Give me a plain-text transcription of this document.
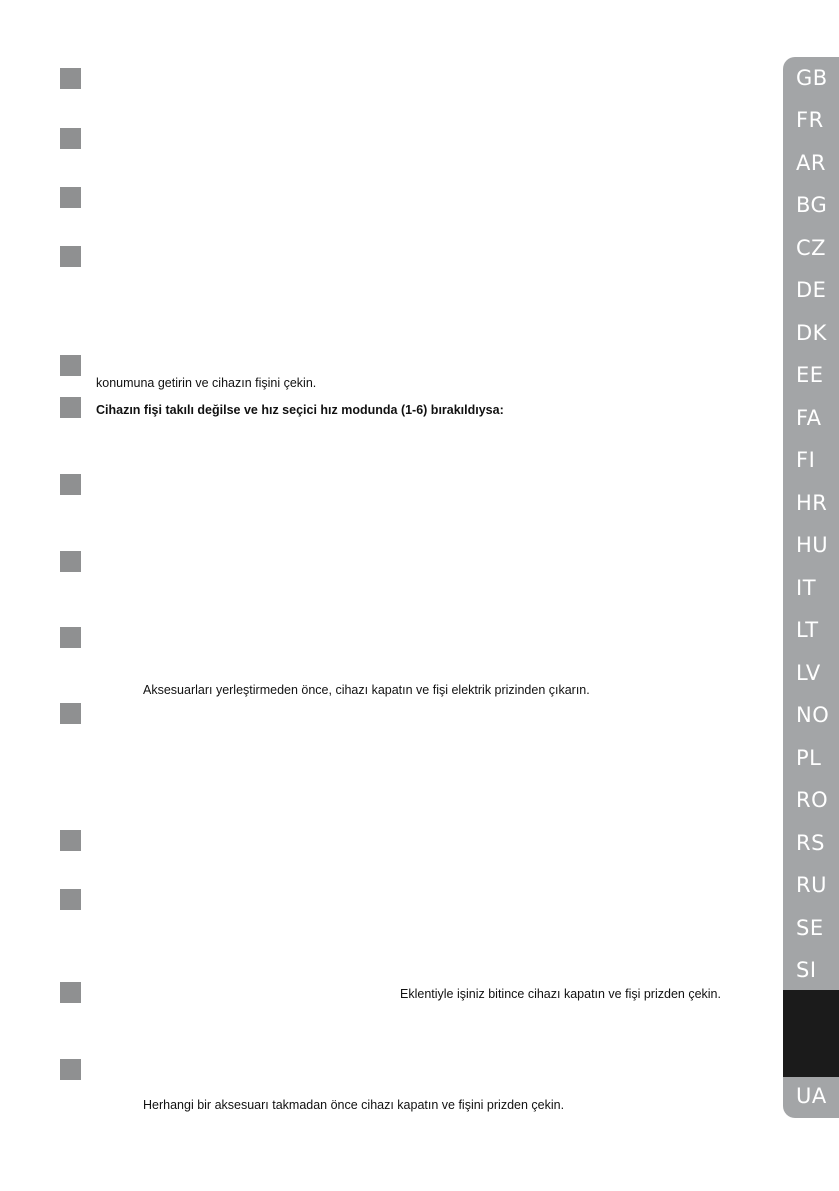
konumuna getirin ve cihazın fişini çekin.
Cihazın fişi takılı değilse ve hız seçici hız modunda (1-6) bırakıldıysa:
Aksesuarları yerleştirmeden önce, cihazı kapatın ve fişi elektrik prizinden çıkarın.
Eklentiyle işiniz bitince cihazı kapatın ve fişi prizden çekin.
Herhangi bir aksesuarı takmadan önce cihazı kapatın ve fişini prizden çekin.
GB
FR
AR
BG
CZ
DE
DK
EE
FA
FI
HR
HU
IT
LT
LV
NO
PL
RO
RS
RU
SE
SI
UA
